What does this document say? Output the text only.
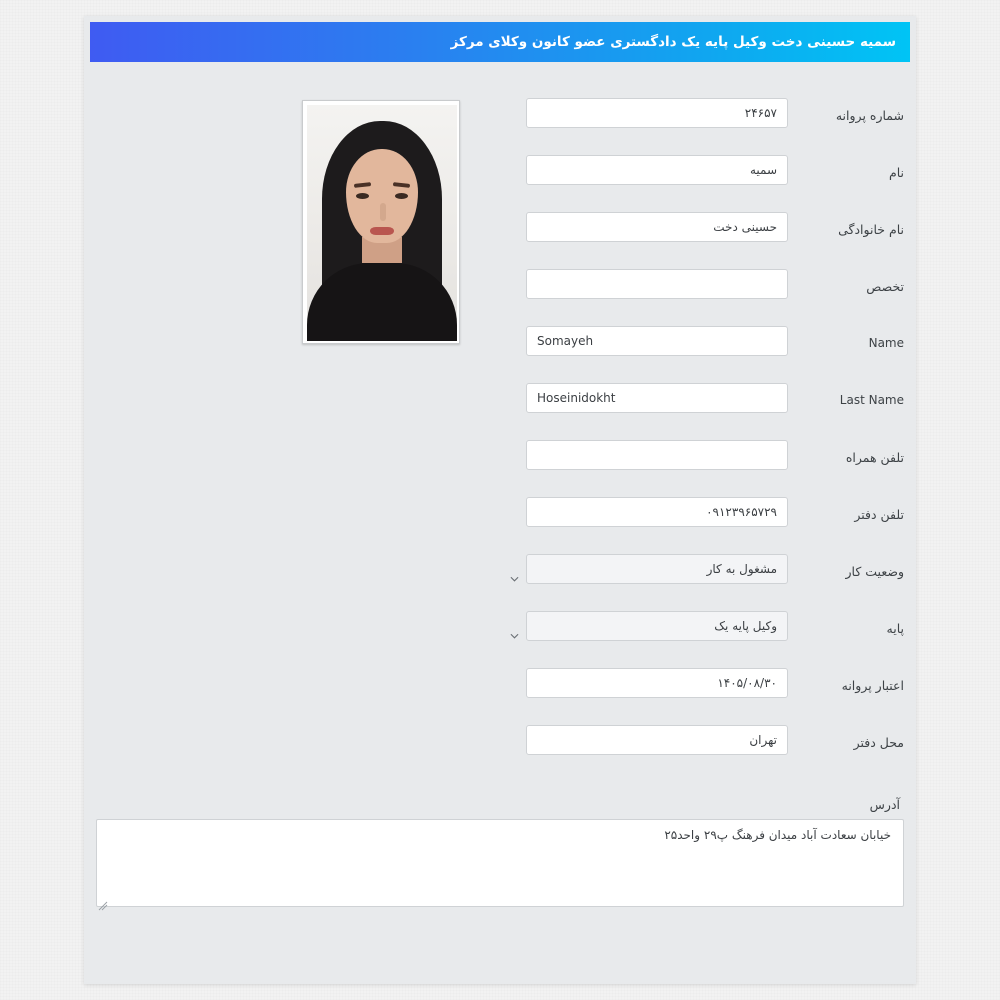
سمیه حسینی دخت وکیل پایه یک دادگستری عضو کانون وکلای مرکز
شماره پروانه
۲۴۶۵۷
نام
سمیه
نام خانوادگی
حسینی دخت
تخصص
Name
Somayeh
Last Name
Hoseinidokht
تلفن همراه
تلفن دفتر
۰۹۱۲۳۹۶۵۷۲۹
وضعیت کار
مشغول به کار
پایه
وکیل پایه یک
اعتبار پروانه
۱۴۰۵/۰۸/۳۰
محل دفتر
تهران
آدرس
خیابان سعادت آباد میدان فرهنگ پ۲۹ واحد۲۵
